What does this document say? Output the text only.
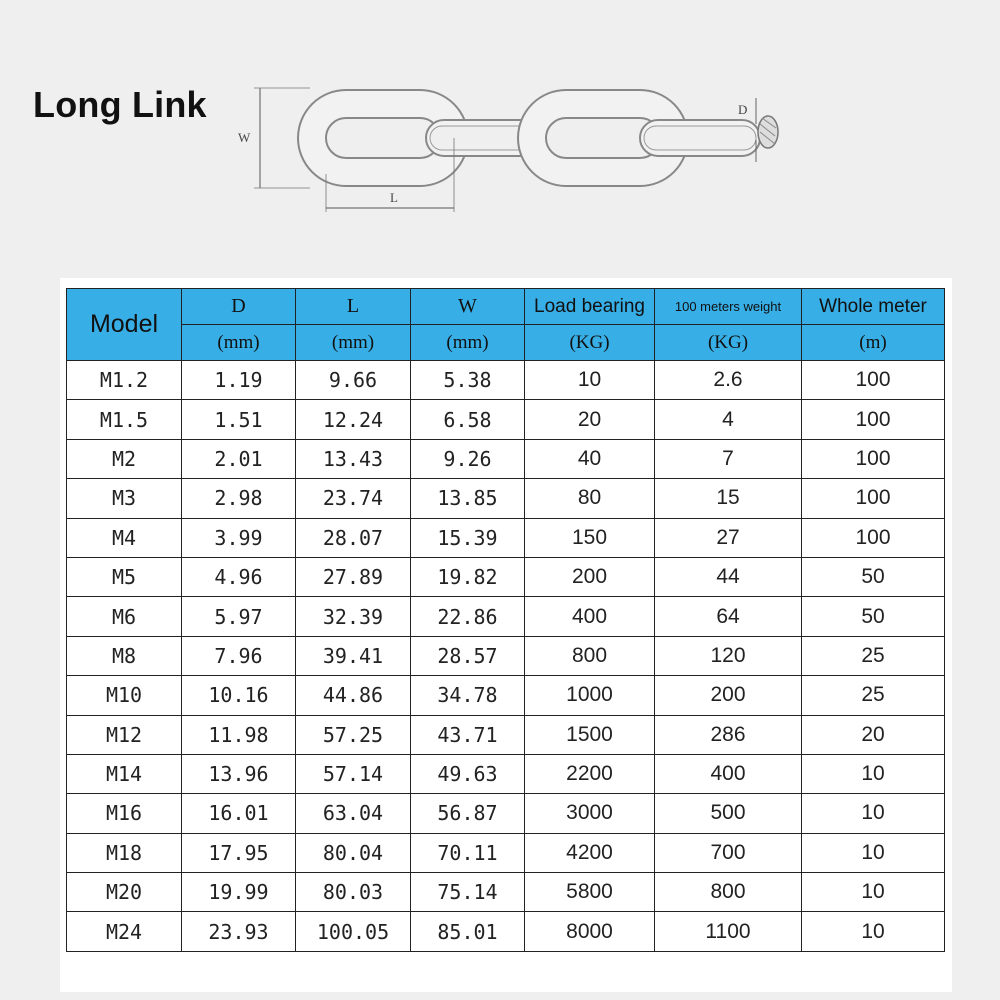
Long Link
W
D
L
Model	D	L	W	Load bearing	100 meters weight	Whole meter
	(mm)	(mm)	(mm)	(KG)	(KG)	(m)
M1.2	1.19	9.66	5.38	10	2.6	100
M1.5	1.51	12.24	6.58	20	4	100
M2	2.01	13.43	9.26	40	7	100
M3	2.98	23.74	13.85	80	15	100
M4	3.99	28.07	15.39	150	27	100
M5	4.96	27.89	19.82	200	44	50
M6	5.97	32.39	22.86	400	64	50
M8	7.96	39.41	28.57	800	120	25
M10	10.16	44.86	34.78	1000	200	25
M12	11.98	57.25	43.71	1500	286	20
M14	13.96	57.14	49.63	2200	400	10
M16	16.01	63.04	56.87	3000	500	10
M18	17.95	80.04	70.11	4200	700	10
M20	19.99	80.03	75.14	5800	800	10
M24	23.93	100.05	85.01	8000	1100	10
